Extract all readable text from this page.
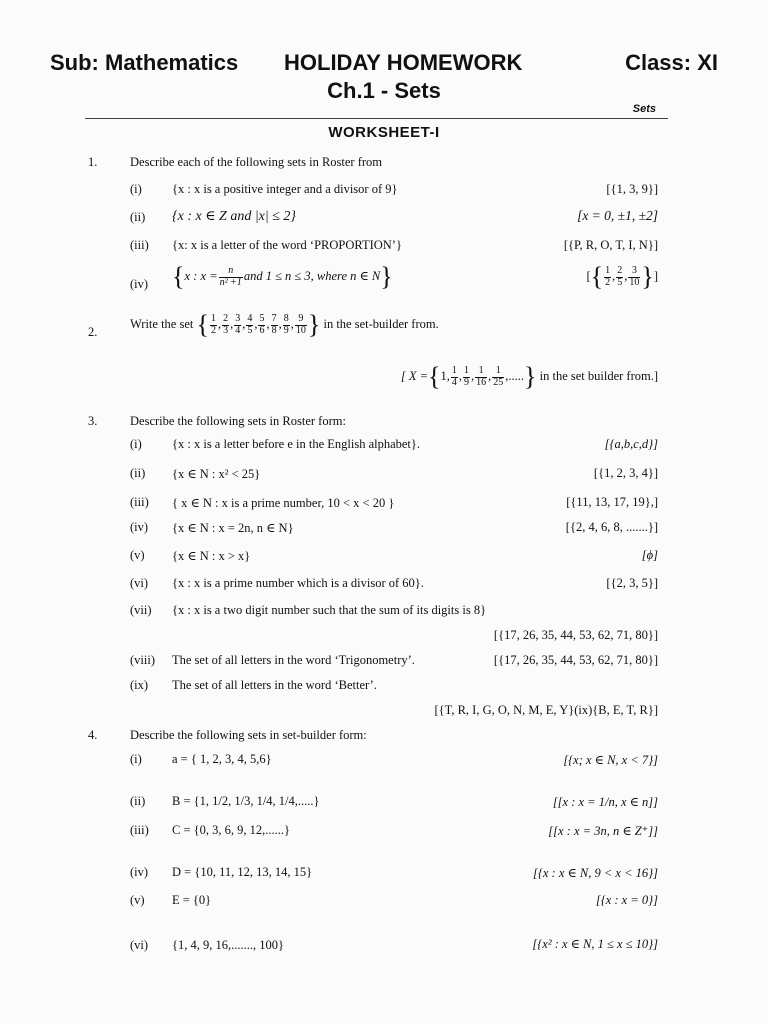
Sub: Mathematics HOLIDAY HOMEWORK	Class: XI
Ch.1 - Sets
Sets
WORKSHEET-I
1.	Describe each of the following sets in Roster from
(i) {x : x is a positive integer and a divisor of 9}	[{1, 3, 9}]
(ii) {x : x ∈ Z and |x| ≤ 2}	[x = 0, ±1, ±2]
(iii) {x: x is a letter of the word ‘PROPORTION’}	[{P, R, O, T, I, N}]
(iv) {x : $x = \frac{n}{\text{n² +1}}$ and 1 ≤ n ≤ 3, where n ∈ N}	[{ $\frac{1}{2}$ , $\frac{2}{5}$ , $\frac{3}{10}$ }]
2.
Write the set { $\frac{1}{2}$ , $\frac{2}{3}$ , $\frac{3}{4}$ , $\frac{4}{5}$ , $\frac{5}{6}$ , $\frac{7}{8}$ , $\frac{8}{9}$ , $\frac{9}{10}$ } in the set-builder from.
[ X ={1, $\frac{1}{4}$ , $\frac{1}{9}$ , $\frac{1}{16}$ , $\frac{1}{25}$ ,.....} in the set builder from.]
3.	Describe the following sets in Roster form:
(i) {x : x is a letter before e in the English alphabet}.	[{a,b,c,d}]
(ii) {x ∈ N : x² < 25}	[{1, 2, 3, 4}]
(iii) { x ∈ N : x is a prime number, 10 < x < 20 }	[{11, 13, 17, 19},]
(iv) {x ∈ N : x = 2n, n ∈ N}	[{2, 4, 6, 8, .......}]
(v) {x ∈ N : x > x}	[ϕ]
(vi) {x : x is a prime number which is a divisor of 60}.	[{2, 3, 5}]
(vii) {x : x is a two digit number such that the sum of its digits is 8}
[{17, 26, 35, 44, 53, 62, 71, 80}]
(viii) The set of all letters in the word ‘Trigonometry’.	[{17, 26, 35, 44, 53, 62, 71, 80}]
(ix) The set of all letters in the word ‘Better’.
[{T, R, I, G, O, N, M, E, Y}(ix){B, E, T, R}]
4.	Describe the following sets in set-builder form:
(i) a = { 1, 2, 3, 4, 5,6}	[{x; x ∈ N, x < 7}]
(ii) B = {1, 1/2, 1/3, 1/4, 1/4,.....}	[[x : x = 1/n, x ∈ n]]
(iii) C = {0, 3, 6, 9, 12,......}	[[x : x = 3n, n ∈ Z⁺]]
(iv) D = {10, 11, 12, 13, 14, 15}	[{x : x ∈ N, 9 < x < 16}]
(v) E = {0}	[{x : x = 0}]
(vi) {1, 4, 9, 16,......., 100}	[{x² : x ∈ N, 1 ≤ x ≤ 10}]
